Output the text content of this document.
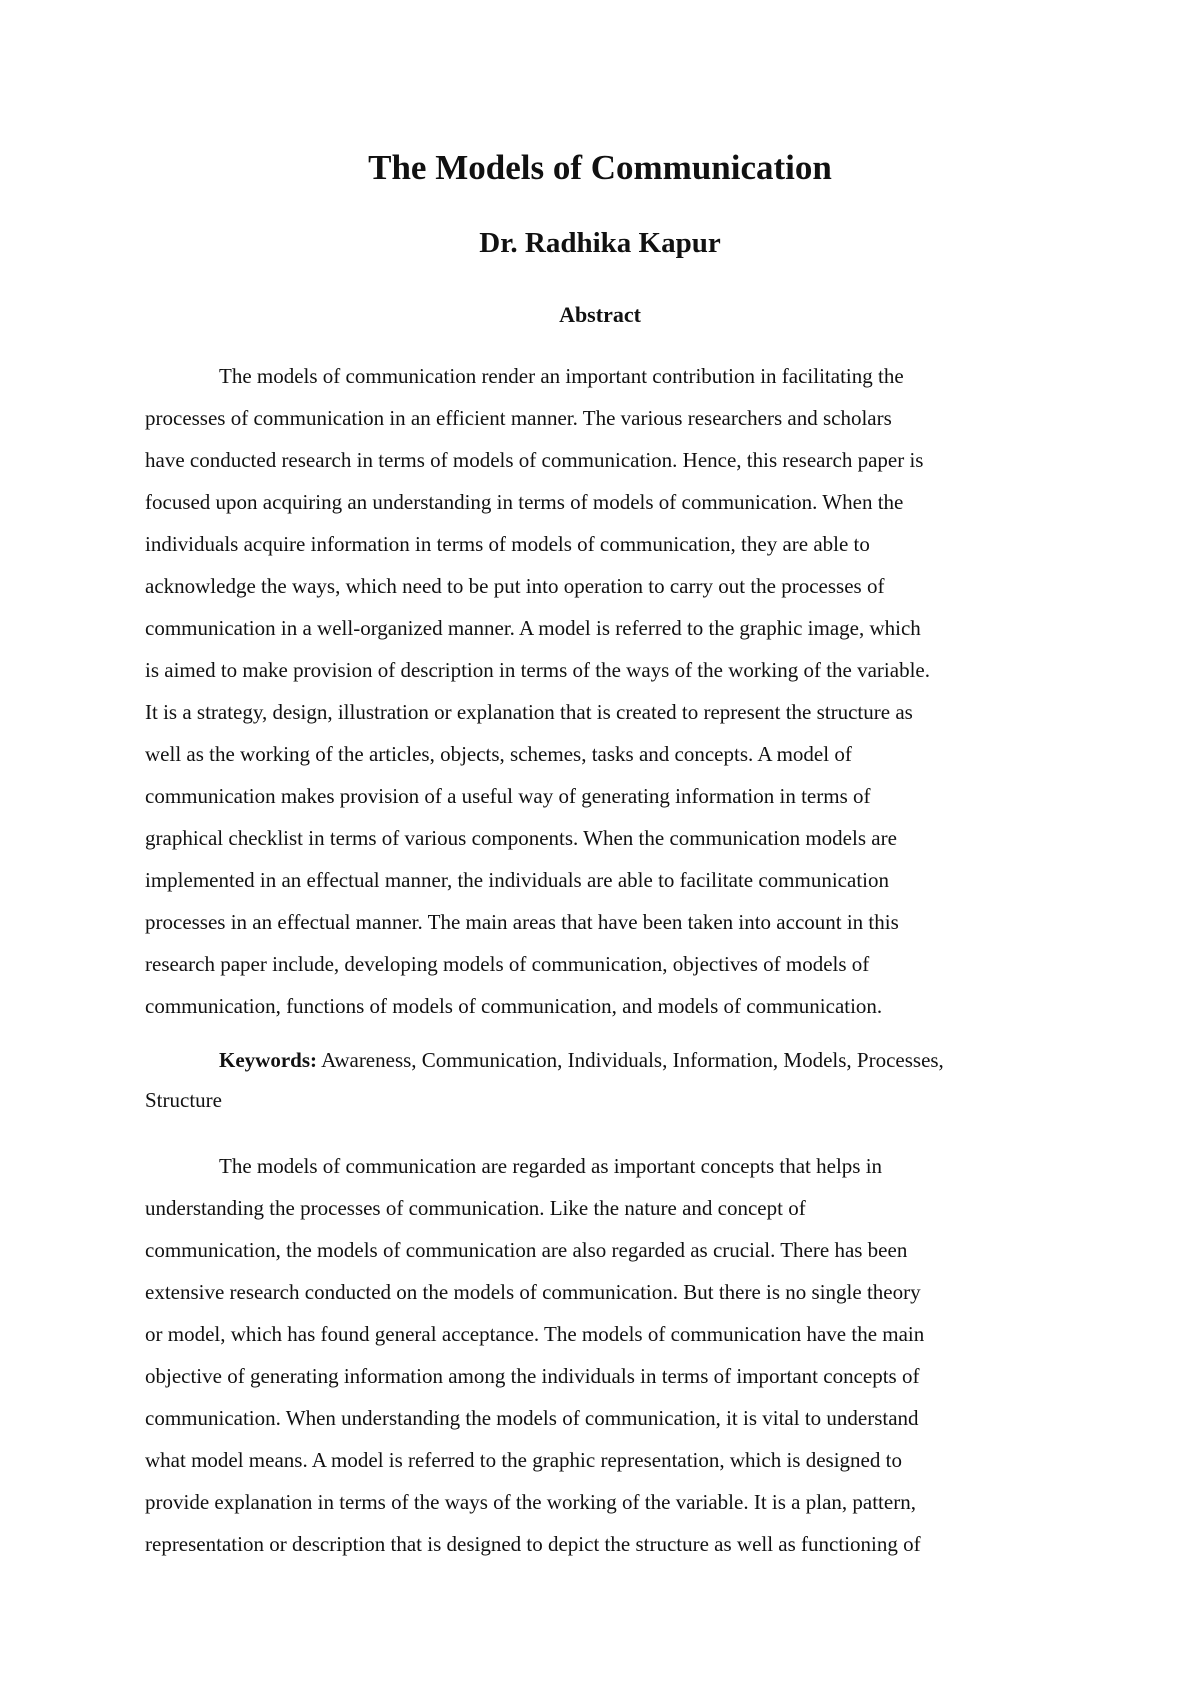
The Models of Communication
Dr. Radhika Kapur
Abstract
The models of communication render an important contribution in facilitating the
processes of communication in an efficient manner. The various researchers and scholars
have conducted research in terms of models of communication. Hence, this research paper is
focused upon acquiring an understanding in terms of models of communication. When the
individuals acquire information in terms of models of communication, they are able to
acknowledge the ways, which need to be put into operation to carry out the processes of
communication in a well-organized manner. A model is referred to the graphic image, which
is aimed to make provision of description in terms of the ways of the working of the variable.
It is a strategy, design, illustration or explanation that is created to represent the structure as
well as the working of the articles, objects, schemes, tasks and concepts. A model of
communication makes provision of a useful way of generating information in terms of
graphical checklist in terms of various components. When the communication models are
implemented in an effectual manner, the individuals are able to facilitate communication
processes in an effectual manner. The main areas that have been taken into account in this
research paper include, developing models of communication, objectives of models of
communication, functions of models of communication, and models of communication.
Keywords: Awareness, Communication, Individuals, Information, Models, Processes,
Structure
The models of communication are regarded as important concepts that helps in
understanding the processes of communication. Like the nature and concept of
communication, the models of communication are also regarded as crucial. There has been
extensive research conducted on the models of communication. But there is no single theory
or model, which has found general acceptance. The models of communication have the main
objective of generating information among the individuals in terms of important concepts of
communication. When understanding the models of communication, it is vital to understand
what model means. A model is referred to the graphic representation, which is designed to
provide explanation in terms of the ways of the working of the variable. It is a plan, pattern,
representation or description that is designed to depict the structure as well as functioning of
